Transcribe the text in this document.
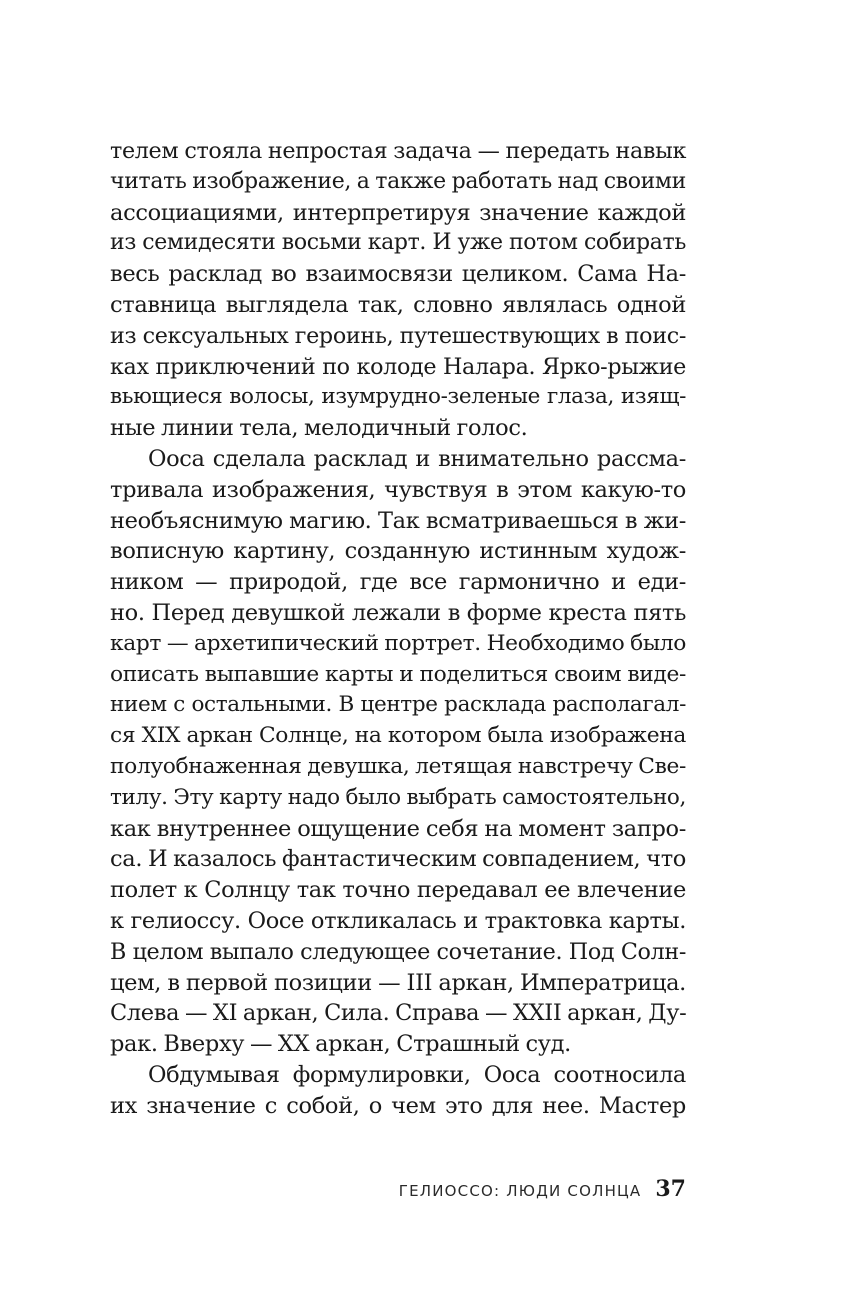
телем стояла непростая задача — передать навык
читать изображение, а также работать над своими
ассоциациями, интерпретируя значение каждой
из семидесяти восьми карт. И уже потом собирать
весь расклад во взаимосвязи целиком. Сама На-
ставница выглядела так, словно являлась одной
из сексуальных героинь, путешествующих в поис-
ках приключений по колоде Налара. Ярко-рыжие
вьющиеся волосы, изумрудно-зеленые глаза, изящ-
ные линии тела, мелодичный голос.
Ооса сделала расклад и внимательно рассма-
тривала изображения, чувствуя в этом какую-то
необъяснимую магию. Так всматриваешься в жи-
вописную картину, созданную истинным худож-
ником — природой, где все гармонично и еди-
но. Перед девушкой лежали в форме креста пять
карт — архетипический портрет. Необходимо было
описать выпавшие карты и поделиться своим виде-
нием с остальными. В центре расклада располагал-
ся XIX аркан Солнце, на котором была изображена
полуобнаженная девушка, летящая навстречу Све-
тилу. Эту карту надо было выбрать самостоятельно,
как внутреннее ощущение себя на момент запро-
са. И казалось фантастическим совпадением, что
полет к Солнцу так точно передавал ее влечение
к гелиоссу. Оосе откликалась и трактовка карты.
В целом выпало следующее сочетание. Под Солн-
цем, в первой позиции — III аркан, Императрица.
Слева — XI аркан, Сила. Справа — XXII аркан, Ду-
рак. Вверху — XX аркан, Страшный суд.
Обдумывая формулировки, Ооса соотносила
их значение с собой, о чем это для нее. Мастер
ГЕЛИОССО: ЛЮДИ СОЛНЦА 37
